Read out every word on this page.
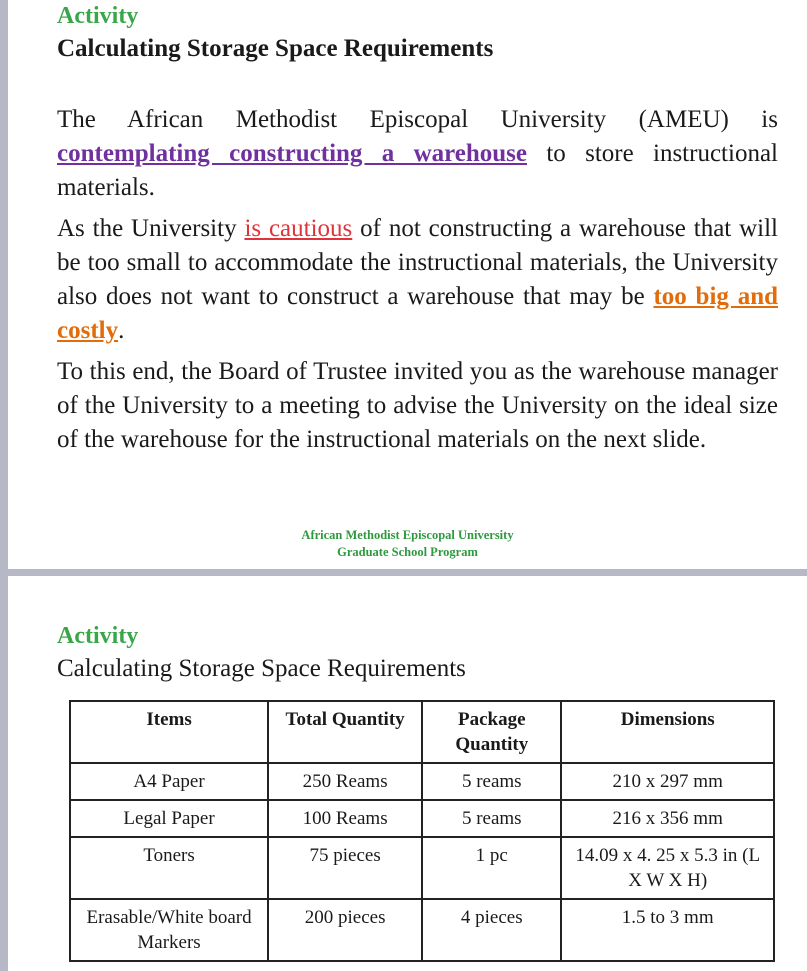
Activity
Calculating Storage Space Requirements
The African Methodist Episcopal University (AMEU) is contemplating constructing a warehouse to store instructional materials.
As the University is cautious of not constructing a warehouse that will be too small to accommodate the instructional materials, the University also does not want to construct a warehouse that may be too big and costly.
To this end, the Board of Trustee invited you as the warehouse manager of the University to a meeting to advise the University on the ideal size of the warehouse for the instructional materials on the next slide.
African Methodist Episcopal University
Graduate School Program
Activity
Calculating Storage Space Requirements
Items	Total Quantity	Package Quantity	Dimensions
A4 Paper	250 Reams	5 reams	210 x 297 mm
Legal Paper	100 Reams	5 reams	216 x 356 mm
Toners	75 pieces	1 pc	14.09 x 4. 25 x 5.3 in (L X W X H)
Erasable/White board Markers	200 pieces	4 pieces	1.5 to 3 mm
